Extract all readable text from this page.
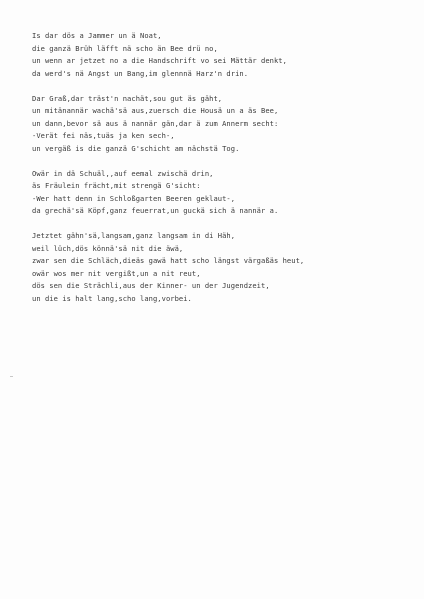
Is dar dös a Jammer un ä Noat,
die ganzä Brüh läfft nä scho än Bee drü no,
un wenn ar jetzet no a die Handschrift vo sei Mättär denkt,
da werd's nä Angst un Bang,im glennnä Harz'n drin.
Dar Graß,dar träst'n nachät,sou gut äs gäht,
un mitänannär wachä'sä aus,zuersch die Housä un a äs Bee,
un dann,bevor sä aus ä nannär gän,dar ä zum Annerm secht:
-Verät fei näs,tuäs ja ken sech-,
un vergäß is die ganzä G'schicht am nächstä Tog.
Owär in dä Schuäl,,auf eemal zwischä drin,
äs Fräulein frächt,mit strengä G'sicht:
-Wer hatt denn in Schloßgarten Beeren geklaut-,
da grechä'sä Köpf,ganz feuerrat,un guckä sich ä nannär a.
Jetztet gähn'sä,langsam,ganz langsam in di Häh,
weil lüch,dös könnä'sä nit die äwä,
zwar sen die Schläch,dieäs gawä hatt scho längst värgaßäs heut,
owär wos mer nit vergißt,un a nit reut,
dös sen die Strächli,aus der Kinner- un der Jugendzeit,
un die is halt lang,scho lang,vorbei.
